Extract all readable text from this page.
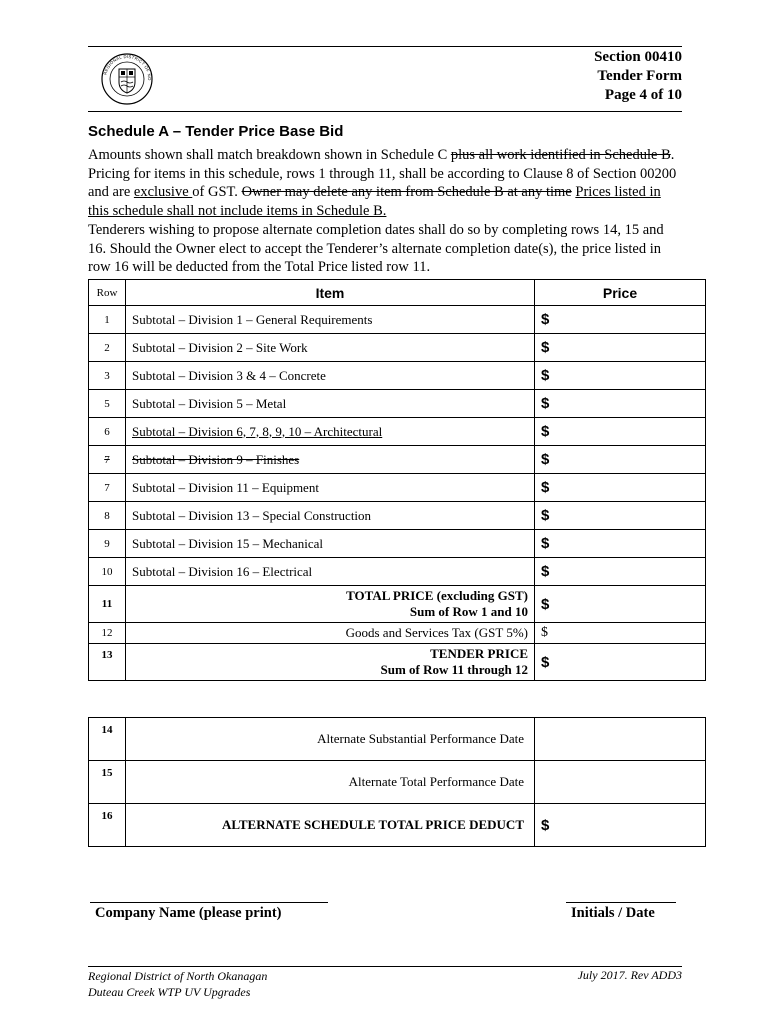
REGIONAL DISTRICT OF NO
Section 00410
Tender Form
Page 4 of 10
Schedule A – Tender Price Base Bid
Amounts shown shall match breakdown shown in Schedule C plus all work identified in Schedule B. Pricing for items in this schedule, rows 1 through 11, shall be according to Clause 8 of Section 00200 and are exclusive of GST. Owner may delete any item from Schedule B at any time Prices listed in this schedule shall not include items in Schedule B.
Tenderers wishing to propose alternate completion dates shall do so by completing rows 14, 15 and 16. Should the Owner elect to accept the Tenderer’s alternate completion date(s), the price listed in row 16 will be deducted from the Total Price listed row 11.
Row	Item	Price
1	Subtotal – Division 1 – General Requirements	$
2	Subtotal – Division 2 – Site Work	$
3	Subtotal – Division 3 & 4 – Concrete	$
5	Subtotal – Division 5 – Metal	$
6	Subtotal – Division 6, 7, 8, 9, 10 – Architectural	$
7	Subtotal – Division 9 – Finishes	$
7	Subtotal – Division 11 – Equipment	$
8	Subtotal – Division 13 – Special Construction	$
9	Subtotal – Division 15 – Mechanical	$
10	Subtotal – Division 16 – Electrical	$
11	TOTAL PRICE (excluding GST)
Sum of Row 1 and 10	$
12	Goods and Services Tax (GST 5%)	$
13	TENDER PRICE
Sum of Row 11 through 12	$
14	Alternate Substantial Performance Date	
15	Alternate Total Performance Date	
16	ALTERNATE SCHEDULE TOTAL PRICE DEDUCT	$
Company Name (please print)	Initials / Date
Regional District of North Okanagan
Duteau Creek WTP UV Upgrades
July 2017. Rev ADD3
